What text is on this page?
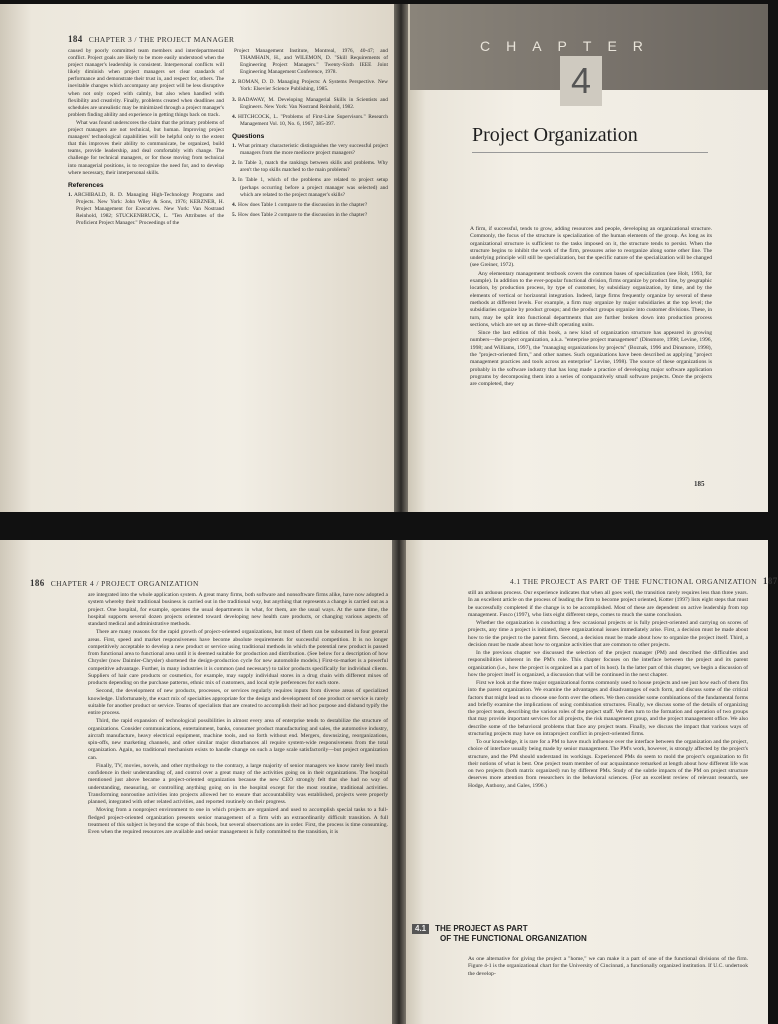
184 CHAPTER 3 / THE PROJECT MANAGER

caused by poorly committed team members and interdepartmental conflict. Project goals are likely to be more easily understood when the project manager's leadership is consistent. Interpersonal conflicts will likely diminish when project managers set clear standards of performance and demonstrate their trust in, and respect for, others. The inevitable changes which accompany any project will be less disruptive when not only coped with calmly, but also when handled with flexibility and creativity. Finally, problems created when deadlines and schedules are unrealistic may be minimized through a project manager's problem finding ability and experience in getting things back on track.

What was found underscores the claim that the primary problems of project managers are not technical, but human. Improving project managers' technological capabilities will be helpful only to the extent that this improves their ability to communicate, be organized, build teams, provide leadership, and deal comfortably with change. The challenge for technical managers, or for those moving from technical into managerial positions, is to recognize the need for, and to develop where necessary, their interpersonal skills.

References
1. ARCHIBALD, R. D. Managing High-Technology Programs and Projects. New York: John Wiley & Sons, 1976; KERZNER, H. Project Management for Executives. New York: Van Nostrand Reinhold, 1982; STUCKENBRUCK, L. "Ten Attributes of the Proficient Project Manager." Proceedings of the
Project Management Institute, Montreal, 1976, 40-47; and THAMHAIN, H., and WILEMON, D. "Skill Requirements of Engineering Project Managers." Twenty-Sixth IEEE Joint Engineering Management Conference, 1978.
2. ROMAN, D. D. Managing Projects: A Systems Perspective. New York: Elsevier Science Publishing, 1985.
3. BADAWAY, M. Developing Managerial Skills in Scientists and Engineers. New York: Van Nostrand Reinhold, 1982.
4. HITCHCOCK, L. "Problems of First-Line Supervisors." Research Management Vol. 10, No. 6, 1967, 385-397.
Questions
1. What primary characteristic distinguishes the very successful project managers from the more mediocre project managers?
2. In Table 3, match the rankings between skills and problems. Why aren't the top skills matched to the main problems?
3. In Table 1, which of the problems are related to project setup (perhaps occurring before a project manager was selected) and which are related to the project manager's skills?
4. How does Table 1 compare to the discussion in the chapter?
5. How does Table 2 compare to the discussion in the chapter?
CHAPTER
4
Project Organization

A firm, if successful, tends to grow, adding resources and people, developing an organizational structure. Commonly, the focus of the structure is specialization of the human elements of the group. As long as its organizational structure is sufficient to the tasks imposed on it, the structure tends to persist. When the structure begins to inhibit the work of the firm, pressures arise to reorganize along some other line. The underlying principle will still be specialization, but the specific nature of the specialization will be changed (see Greiner, 1972).

Any elementary management textbook covers the common bases of specialization (see Holt, 1993, for example). In addition to the ever-popular functional division, firms organize by product line, by geographic location, by production process, by type of customer, by subsidiary organization, by time, and by the elements of vertical or horizontal integration. Indeed, large firms frequently organize by several of these methods at different levels. For example, a firm may organize by major subsidiaries at the top level; the subsidiaries organize by product groups; and the product groups organize into customer divisions. These, in turn, may be split into functional departments that are further broken down into production process sections, which are set up as three-shift operating units.

Since the last edition of this book, a new kind of organization structure has appeared in growing numbers—the project organization, a.k.a. "enterprise project management" (Dinsmore, 1998; Levine, 1996, 1998; and Williams, 1997), the "managing organizations by projects" (Boznak, 1996 and Dinsmore, 1998), the "project-oriented firm," and other names. Such organizations have been described as applying "project management practices and tools across an enterprise" Levine, 1998). The source of these organizations is probably in the software industry that has long made a practice of developing major software application programs by decomposing them into a series of comparatively small software projects. Once the projects are completed, they

185
186 CHAPTER 4 / PROJECT ORGANIZATION

are integrated into the whole application system. A great many firms, both software and nonsoftware firms alike, have now adopted a system whereby their traditional business is carried out in the traditional way, but anything that represents a change is carried out as a project. One hospital, for example, operates the usual departments in what, for them, are the usual ways. At the same time, the hospital supports several dozen projects oriented toward developing new health care products, or changing various aspects of standard medical and administrative methods.

There are many reasons for the rapid growth of project-oriented organizations, but most of them can be subsumed in four general areas. First, speed and market responsiveness have become absolute requirements for successful competition. It is no longer competitively acceptable to develop a new product or service using traditional methods in which the potential new product is passed from functional area to functional area until it is deemed suitable for production and distribution. (See below for a description of how Chrysler (now Daimler-Chrysler) shortened the design-production cycle for new automobile models.) First-to-market is a powerful competitive advantage. Further, in many industries it is common (and necessary) to tailor products specifically for individual clients. Suppliers of hair care products or cosmetics, for example, may supply individual stores in a drug chain with different mixes of products depending on the purchase patterns, ethnic mix of customers, and local style preferences for each store.

Second, the development of new products, processes, or services regularly requires inputs from diverse areas of specialized knowledge. Unfortunately, the exact mix of specialties appropriate for the design and development of one product or service is rarely suitable for another product or service. Teams of specialists that are created to accomplish their ad hoc purpose and disband typify the entire process.

Third, the rapid expansion of technological possibilities in almost every area of enterprise tends to destabilize the structure of organizations. Consider communications, entertainment, banks, consumer product manufacturing and sales, the automotive industry, aircraft manufacture, heavy electrical equipment, machine tools, and so forth without end. Mergers, downsizing, reorganizations, spin-offs, new marketing channels, and other similar major disturbances all require system-wide responsiveness from the total organization. Again, no traditional mechanism exists to handle change on such a large scale satisfactorily—but project organization can.

Finally, TV, movies, novels, and other mythology to the contrary, a large majority of senior managers we know rarely feel much confidence in their understanding of, and control over a great many of the activities going on in their organizations. The hospital mentioned just above became a project-oriented organization because the new CEO strongly felt that she had no way of understanding, measuring, or controlling anything going on in the hospital except for the most routine, traditional activities. Transforming nonroutine activities into projects allowed her to ensure that accountability was established, projects were properly planned, integrated with other related activities, and reported routinely on their progress.

Moving from a nonproject environment to one in which projects are organized and used to accomplish special tasks to a full-fledged project-oriented organization presents senior management of a firm with an extraordinarily difficult transition. A full treatment of this subject is beyond the scope of this book, but several observations are in order. First, the process is time consuming. Even when the required resources are available and senior management is fully committed to the transition, it is

4.1 THE PROJECT AS PART OF THE FUNCTIONAL ORGANIZATION 187

still an arduous process. Our experience indicates that when all goes well, the transition rarely requires less than three years. In an excellent article on the process of leading the firm to become project oriented, Kotter (1997) lists eight steps that must be successfully completed if the change is to be accomplished. Most of these are dependent on active leadership from top management. Fusco (1997), who lists eight different steps, comes to much the same conclusion.

Whether the organization is conducting a few occasional projects or is fully project-oriented and carrying on scores of projects, any time a project is initiated, three organizational issues immediately arise. First, a decision must be made about how to tie the project to the parent firm. Second, a decision must be made about how to organize the project itself. Third, a decision must be made about how to organize activities that are common to other projects.

In the previous chapter we discussed the selection of the project manager (PM) and described the difficulties and responsibilities inherent in the PM's role. This chapter focuses on the interface between the project and its parent organization (i.e., how the project is organized as a part of its host). In the latter part of this chapter, we begin a discussion of how the project itself is organized, a discussion that will be continued in the next chapter.

First we look at the three major organizational forms commonly used to house projects and see just how each of them fits into the parent organization. We examine the advantages and disadvantages of each form, and discuss some of the critical factors that might lead us to choose one form over the others. We then consider some combinations of the fundamental forms and briefly examine the implications of using combination structures. Finally, we discuss some of the details of organizing the project team, describing the various roles of the project staff. We then turn to the formation and operation of two groups that may provide important services for all projects, the risk management group, and the project management office. We also describe some of the behavioral problems that face any project team. Finally, we discuss the impact that various ways of structuring projects may have on intraproject conflict in project-oriented firms.

To our knowledge, it is rare for a PM to have much influence over the interface between the organization and the project, choice of interface usually being made by senior management. The PM's work, however, is strongly affected by the project's structure, and the PM should understand its workings. Experienced PMs do seem to mold the project's organization to fit their notions of what is best. One project team member of our acquaintance remarked at length about how different life was on two projects (both matrix organized) run by different PMs. Study of the subtle impacts of the PM on project structure deserves more attention from researchers in the behavioral sciences. (For an excellent review of relevant research, see Hodge, Anthony, and Gales, 1996.)

As one alternative for giving the project a "home," we can make it a part of one of the functional divisions of the firm. Figure 4-1 is the organizational chart for the University of Cincinnati, a functionally organized institution. If U.C. undertook the develop-

4.1 THE PROJECT AS PART
OF THE FUNCTIONAL ORGANIZATION
